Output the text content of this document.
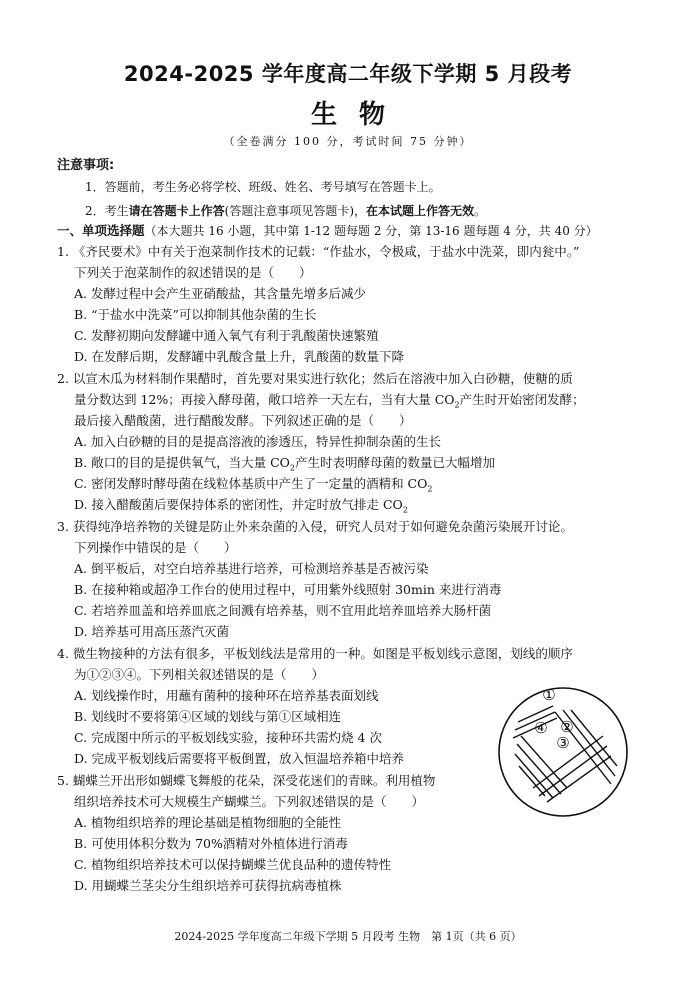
2024-2025 学年度高二年级下学期 5 月段考
生物
（全卷满分 100 分，考试时间 75 分钟）
注意事项:
1．答题前，考生务必将学校、班级、姓名、考号填写在答题卡上。
2．考生请在答题卡上作答(答题注意事项见答题卡)，在本试题上作答无效。
一、单项选择题（本大题共 16 小题，其中第 1-12 题每题 2 分，第 13-16 题每题 4 分，共 40 分）
1. 《齐民要术》中有关于泡菜制作技术的记载：“作盐水，令极咸，于盐水中洗菜，即内瓮中。”
下列关于泡菜制作的叙述错误的是（　　）
A. 发酵过程中会产生亚硝酸盐，其含量先增多后减少
B. “于盐水中洗菜”可以抑制其他杂菌的生长
C. 发酵初期向发酵罐中通入氧气有利于乳酸菌快速繁殖
D. 在发酵后期，发酵罐中乳酸含量上升，乳酸菌的数量下降
2. 以宣木瓜为材料制作果醋时，首先要对果实进行软化；然后在溶液中加入白砂糖，使糖的质
量分数达到 12%；再接入酵母菌，敞口培养一天左右，当有大量 $CO_2$产生时开始密闭发酵；
最后接入醋酸菌，进行醋酸发酵。下列叙述正确的是（　　）
A. 加入白砂糖的目的是提高溶液的渗透压，特异性抑制杂菌的生长
B. 敞口的目的是提供氧气，当大量 $CO_2$产生时表明酵母菌的数量已大幅增加
C. 密闭发酵时酵母菌在线粒体基质中产生了一定量的酒精和 $CO_2$
D. 接入醋酸菌后要保持体系的密闭性，并定时放气排走 $CO_2$
3. 获得纯净培养物的关键是防止外来杂菌的入侵，研究人员对于如何避免杂菌污染展开讨论。
下列操作中错误的是（　　）
A. 倒平板后，对空白培养基进行培养，可检测培养基是否被污染
B. 在接种箱或超净工作台的使用过程中，可用紫外线照射 30min 来进行消毒
C. 若培养皿盖和培养皿底之间溅有培养基，则不宜用此培养皿培养大肠杆菌
D. 培养基可用高压蒸汽灭菌
4. 微生物接种的方法有很多，平板划线法是常用的一种。如图是平板划线示意图，划线的顺序
为①②③④。下列相关叙述错误的是（　　）
A. 划线操作时，用蘸有菌种的接种环在培养基表面划线
B. 划线时不要将第④区域的划线与第①区域相连
C. 完成图中所示的平板划线实验，接种环共需灼烧 4 次
D. 完成平板划线后需要将平板倒置，放入恒温培养箱中培养
①
②
③
④
5. 蝴蝶兰开出形如蝴蝶飞舞般的花朵，深受花迷们的青睐。利用植物
组织培养技术可大规模生产蝴蝶兰。下列叙述错误的是（　　）
A. 植物组织培养的理论基础是植物细胞的全能性
B. 可使用体积分数为 70%酒精对外植体进行消毒
C. 植物组织培养技术可以保持蝴蝶兰优良品种的遗传特性
D. 用蝴蝶兰茎尖分生组织培养可获得抗病毒植株
2024-2025 学年度高二年级下学期 5 月段考 生物　第 1页（共 6 页）
